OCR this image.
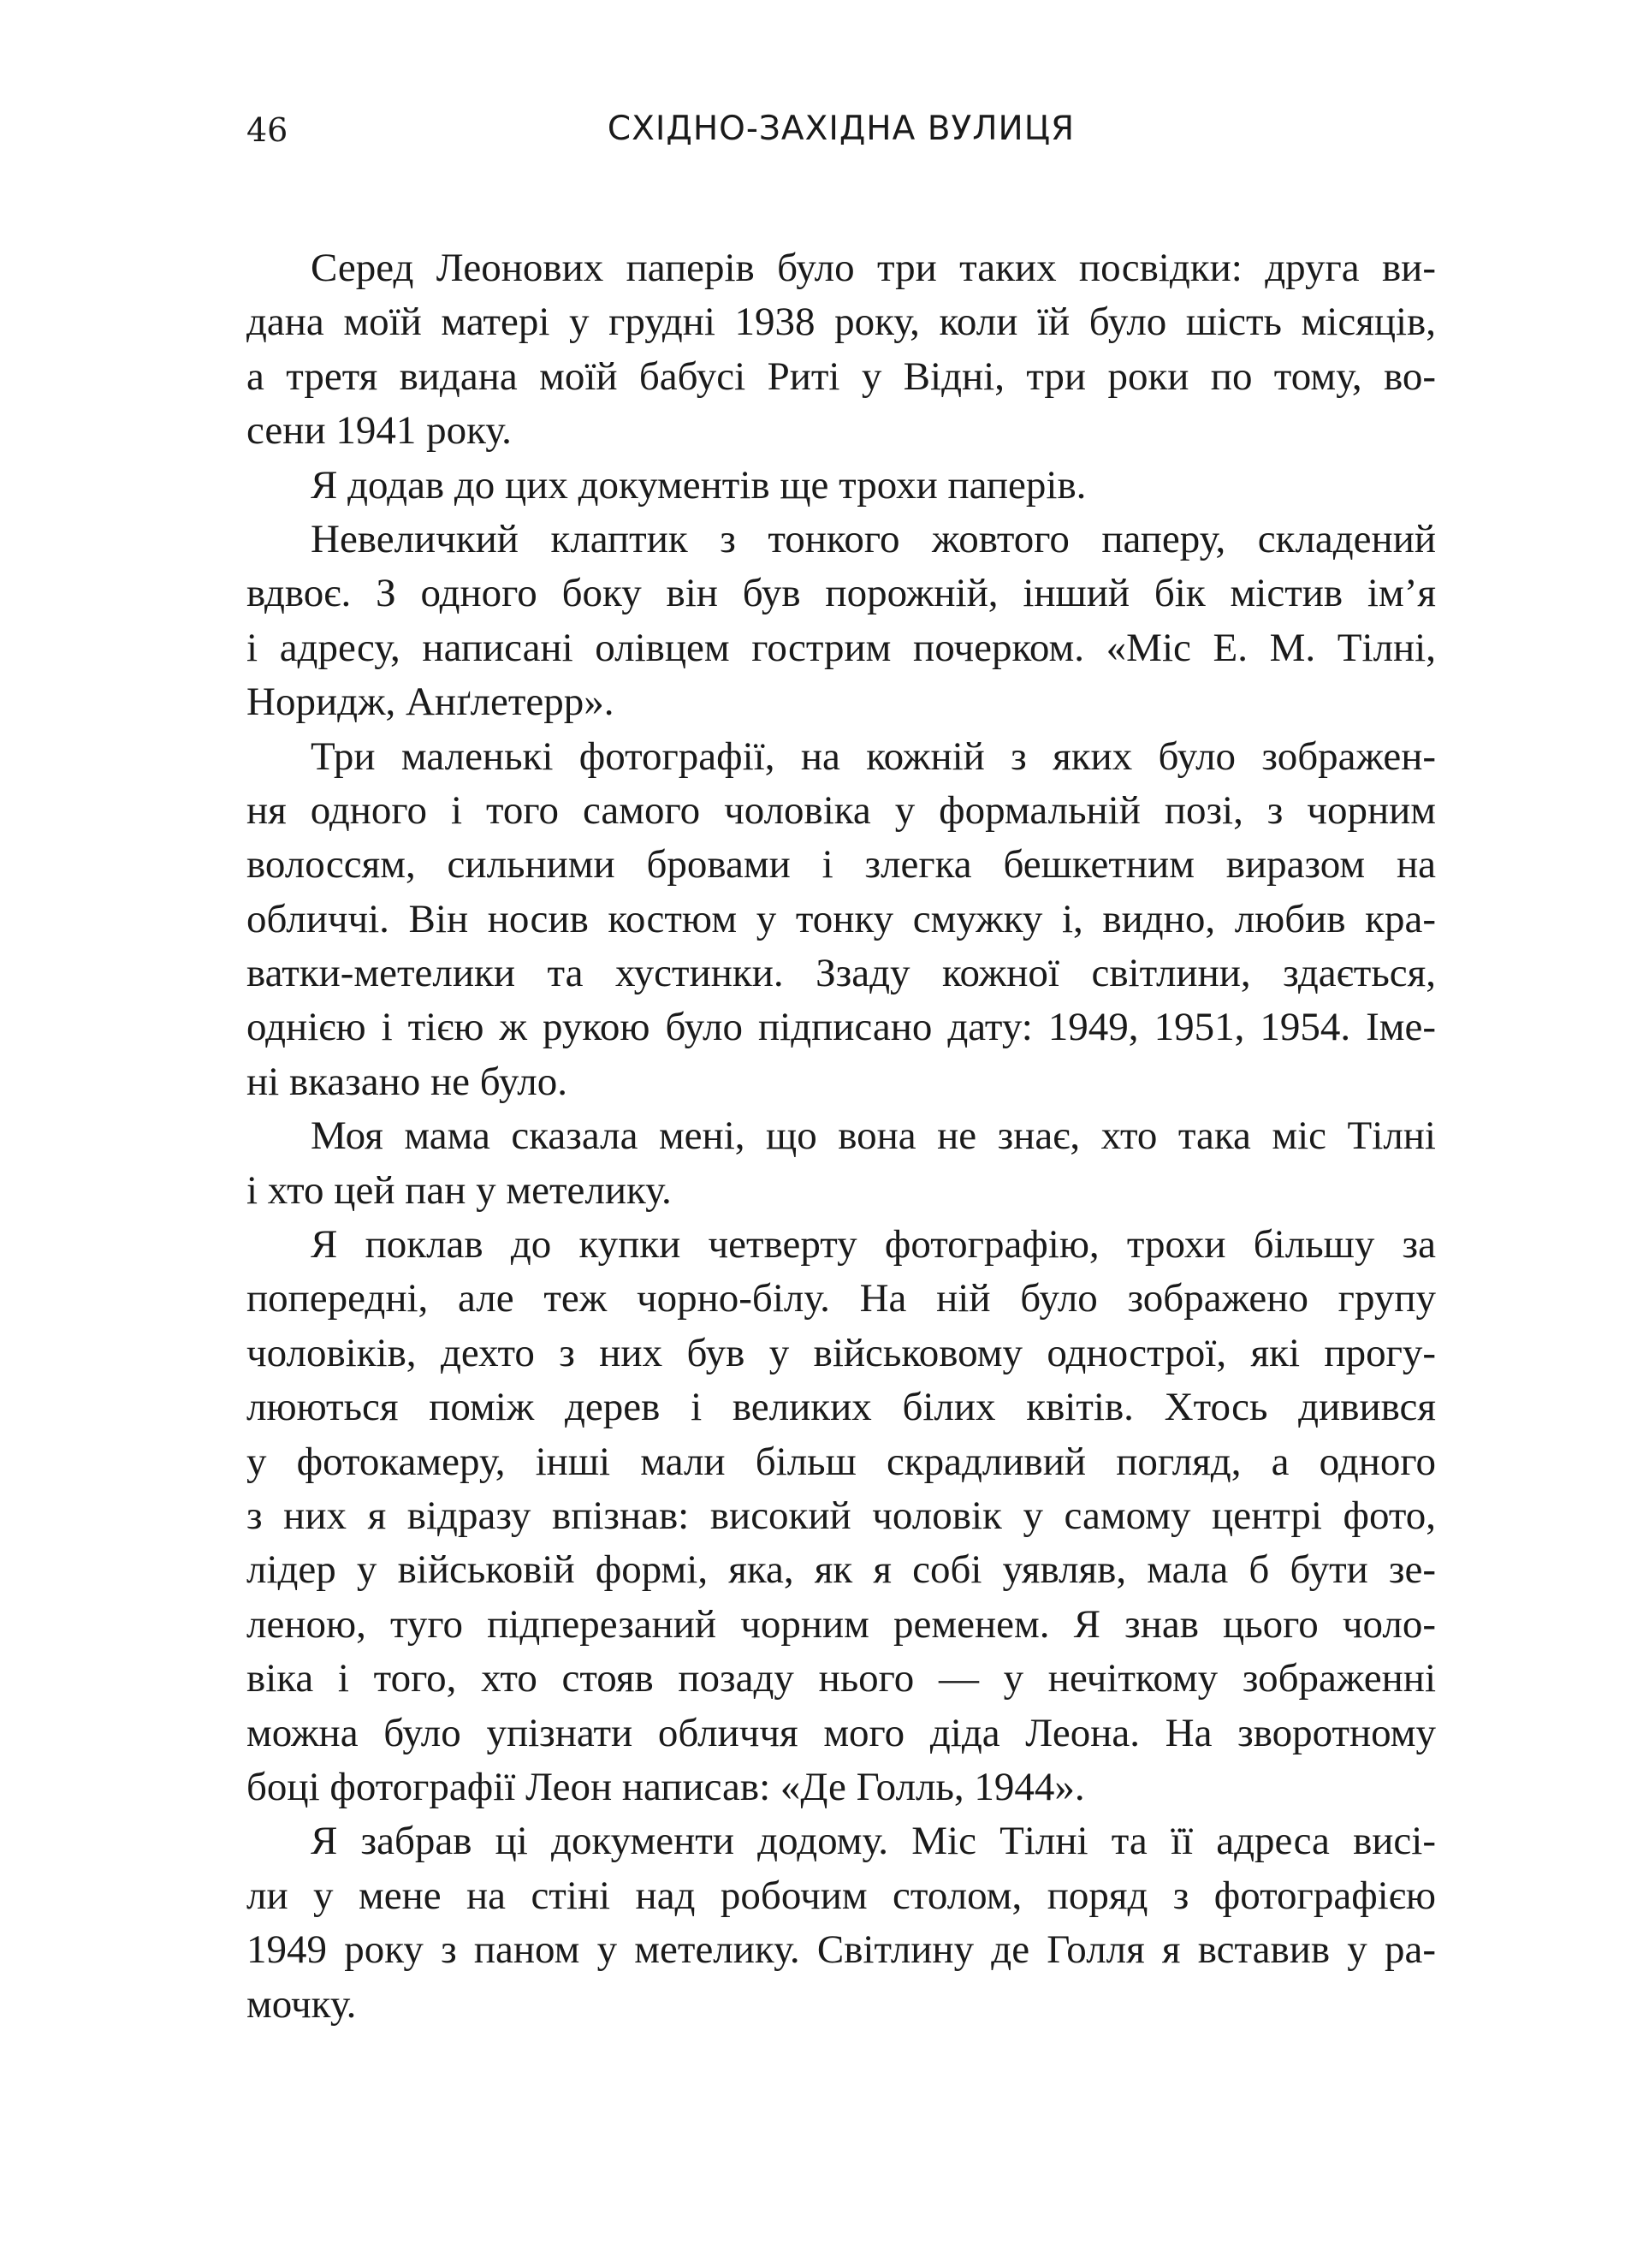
46	СХІДНО-ЗАХІДНА ВУЛИЦЯ
Серед Леонових паперів було три таких посвідки: друга ви-
дана моїй матері у грудні 1938 року, коли їй було шість місяців,
а третя видана моїй бабусі Риті у Відні, три роки по тому, во-
сени 1941 року.
Я додав до цих документів ще трохи паперів.
Невеличкий клаптик з тонкого жовтого паперу, складений
вдвоє. З одного боку він був порожній, інший бік містив ім’я
і адресу, написані олівцем гострим почерком. «Міс Е. М. Тілні,
Норидж, Анґлетерр».
Три маленькі фотографії, на кожній з яких було зображен-
ня одного і того самого чоловіка у формальній позі, з чорним
волоссям, сильними бровами і злегка бешкетним виразом на
обличчі. Він носив костюм у тонку смужку і, видно, любив кра-
ватки-метелики та хустинки. Ззаду кожної світлини, здається,
однією і тією ж рукою було підписано дату: 1949, 1951, 1954. Іме-
ні вказано не було.
Моя мама сказала мені, що вона не знає, хто така міс Тілні
і хто цей пан у метелику.
Я поклав до купки четверту фотографію, трохи більшу за
попередні, але теж чорно-білу. На ній було зображено групу
чоловіків, дехто з них був у військовому однострої, які прогу-
люються поміж дерев і великих білих квітів. Хтось дивився
у фотокамеру, інші мали більш скрадливий погляд, а одного
з них я відразу впізнав: високий чоловік у самому центрі фото,
лідер у військовій формі, яка, як я собі уявляв, мала б бути зе-
леною, туго підперезаний чорним ременем. Я знав цього чоло-
віка і того, хто стояв позаду нього — у нечіткому зображенні
можна було упізнати обличчя мого діда Леона. На зворотному
боці фотографії Леон написав: «Де Голль, 1944».
Я забрав ці документи додому. Міс Тілні та її адреса висі-
ли у мене на стіні над робочим столом, поряд з фотографією
1949 року з паном у метелику. Світлину де Голля я вставив у ра-
мочку.
